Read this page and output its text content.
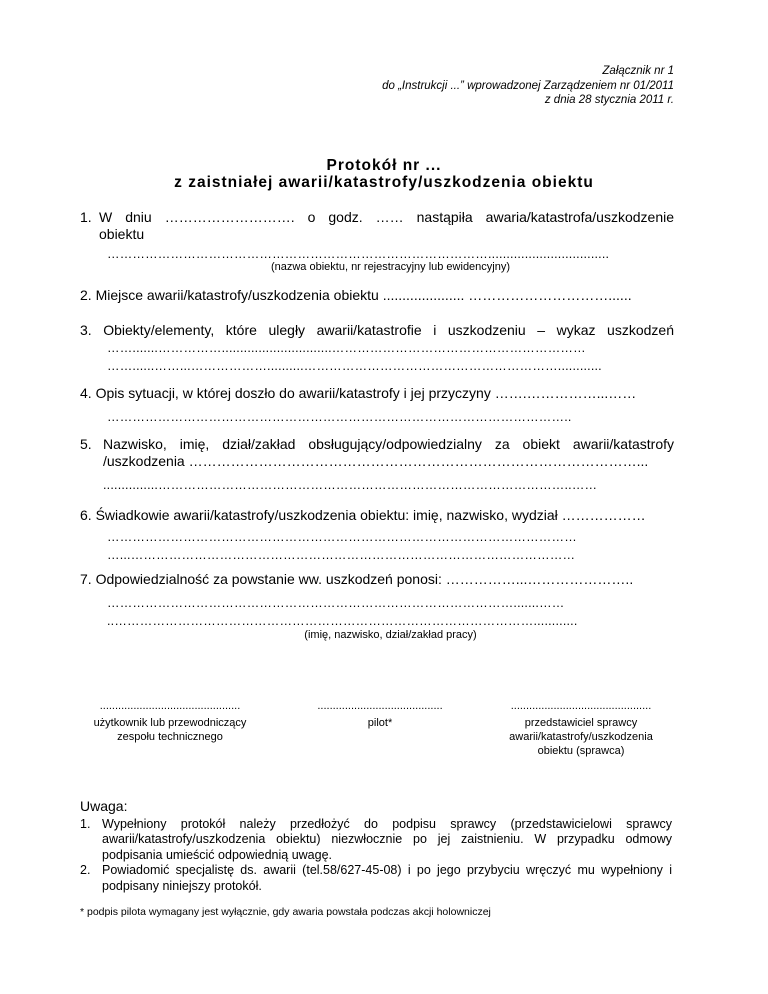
Załącznik nr 1
do „Instrukcji ...” wprowadzonej Zarządzeniem nr 01/2011
z dnia 28 stycznia 2011 r.
Protokół nr ...
z zaistniałej awarii/katastrofy/uszkodzenia obiektu
1. W dniu ………………………. o godz. …… nastąpiła awaria/katastrofa/uszkodzenie
obiektu
……………………………………………………………………………….................................
(nazwa obiektu, nr rejestracyjny lub ewidencyjny)
2. Miejsce awarii/katastrofy/uszkodzenia obiektu ..................... …………………………......
3. Obiekty/elementy, które uległy awarii/katastrofie i uszkodzeniu – wykaz uszkodzeń
…….......……………..............................……………………………………………………
……......……...………………..........……………………………………………………............
4. Opis sytuacji, w której doszło do awarii/katastrofy i jej przyczyny …….……………...……
………………………………………………………………………………………………..
5. Nazwisko, imię, dział/zakład obsługujący/odpowiedzialny za obiekt awarii/katastrofy
/uszkodzenia ……………………………………………………………………………………...
...............……………………………………………………………………………………..……
6. Świadkowie awarii/katastrofy/uszkodzenia obiektu: imię, nazwisko, wydział ………………
…………………………………………………………………………………………………
…...……………………………………………………………………………………………
7. Odpowiedzialność za powstanie ww. uszkodzeń ponosi: ……………...…………………..
…………………………………………………………………………………….......……
..………………………………………………………………………………………............
(imię, nazwisko, dział/zakład pracy)
..............................................
użytkownik lub przewodniczący
zespołu technicznego
.........................................
pilot*
..............................................
przedstawiciel sprawcy
awarii/katastrofy/uszkodzenia
obiektu (sprawca)
Uwaga:
1. Wypełniony protokół należy przedłożyć do podpisu sprawcy (przedstawicielowi sprawcy awarii/katastrofy/uszkodzenia obiektu) niezwłocznie po jej zaistnieniu. W przypadku odmowy podpisania umieścić odpowiednią uwagę.
2. Powiadomić specjalistę ds. awarii (tel.58/627-45-08) i po jego przybyciu wręczyć mu wypełniony i podpisany niniejszy protokół.
* podpis pilota wymagany jest wyłącznie, gdy awaria powstała podczas akcji holowniczej
